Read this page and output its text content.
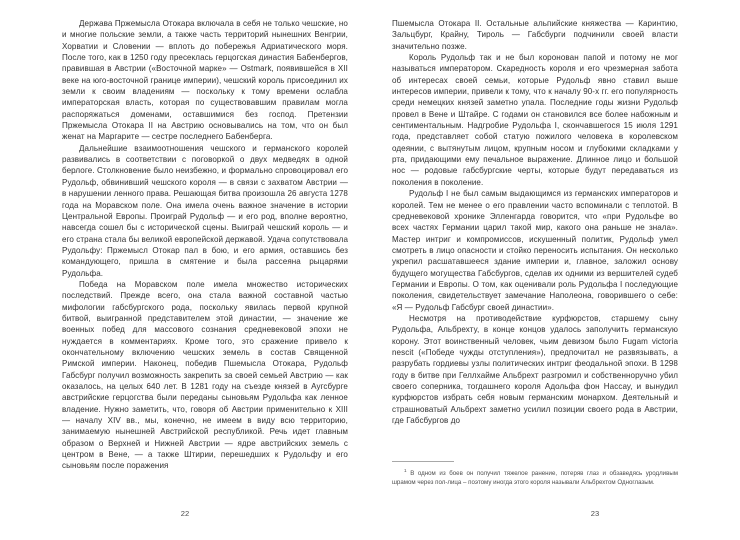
Держава Пржемысла Отокара включала в себя не только чешские, но и многие польские земли, а также часть территорий нынешних Венгрии, Хорватии и Словении — вплоть до побережья Адриатического моря. После того, как в 1250 году пресеклась герцогская династия Бабенбергов, правившая в Австрии («Восточной марке» — Ostmark, появившейся в XII веке на юго-восточной границе империи), чешский король присоединил их земли к своим владениям — поскольку к тому времени ослабла императорская власть, которая по существовавшим правилам могла распоряжаться доменами, оставшимися без господ. Претензии Пржемысла Отокара II на Австрию основывались на том, что он был женат на Маргарите — сестре последнего Бабенберга.

Дальнейшие взаимоотношения чешского и германского королей развивались в соответствии с поговоркой о двух медведях в одной берлоге. Столкновение было неизбежно, и формально спровоцировал его Рудольф, обвинивший чешского короля — в связи с захватом Австрии — в нарушении ленного права. Решающая битва произошла 26 августа 1278 года на Моравском поле. Она имела очень важное значение в истории Центральной Европы. Проиграй Рудольф — и его род, вполне вероятно, навсегда сошел бы с исторической сцены. Выиграй чешский король — и его страна стала бы великой европейской державой. Удача сопутствовала Рудольфу: Пржемысл Отокар пал в бою, и его армия, оставшись без командующего, пришла в смятение и была рассеяна рыцарями Рудольфа.

Победа на Моравском поле имела множество исторических последствий. Прежде всего, она стала важной составной частью мифологии габсбургского рода, поскольку явилась первой крупной битвой, выигранной представителем этой династии, — значение же военных побед для массового сознания средневековой эпохи не нуждается в комментариях. Кроме того, это сражение привело к окончательному включению чешских земель в состав Священной Римской империи. Наконец, победив Пшемысла Отокара, Рудольф Габсбург получил возможность закрепить за своей семьей Австрию — как оказалось, на целых 640 лет. В 1281 году на съезде князей в Аугсбурге австрийские герцогства были переданы сыновьям Рудольфа как ленное владение. Нужно заметить, что, говоря об Австрии применительно к XIII — началу XIV вв., мы, конечно, не имеем в виду всю территорию, занимаемую нынешней Австрийской республикой. Речь идет главным образом о Верхней и Нижней Австрии — ядре австрийских земель с центром в Вене, — а также Штирии, перешедших к Рудольфу и его сыновьям после поражения

22

Пшемысла Отокара II. Остальные альпийские княжества — Каринтию, Зальцбург, Крайну, Тироль — Габсбурги подчинили своей власти значительно позже.

Король Рудольф так и не был коронован папой и потому не мог называться императором. Скаредность короля и его чрезмерная забота об интересах своей семьи, которые Рудольф явно ставил выше интересов империи, привели к тому, что к началу 90-х гг. его популярность среди немецких князей заметно упала. Последние годы жизни Рудольф провел в Вене и Штайре. С годами он становился все более набожным и сентиментальным. Надгробие Рудольфа I, скончавшегося 15 июля 1291 года, представляет собой статую пожилого человека в королевском одеянии, с вытянутым лицом, крупным носом и глубокими складками у рта, придающими ему печальное выражение. Длинное лицо и большой нос — родовые габсбургские черты, которые будут передаваться из поколения в поколение.

Рудольф I не был самым выдающимся из германских императоров и королей. Тем не менее о его правлении часто вспоминали с теплотой. В средневековой хронике Элленгарда говорится, что «при Рудольфе во всех частях Германии царил такой мир, какого она раньше не знала». Мастер интриг и компромиссов, искушенный политик, Рудольф умел смотреть в лицо опасности и стойко переносить испытания. Он несколько укрепил расшатавшееся здание империи и, главное, заложил основу будущего могущества Габсбургов, сделав их одними из вершителей судеб Германии и Европы. О том, как оценивали роль Рудольфа I последующие поколения, свидетельствует замечание Наполеона, говорившего о себе: «Я — Рудольф Габсбург своей династии».

Несмотря на противодействие курфюрстов, старшему сыну Рудольфа, Альбрехту, в конце концов удалось заполучить германскую корону. Этот воинственный человек, чьим девизом было Fugam victoria nescit («Победе чужды отступления»), предпочитал не развязывать, а разрубать гордиевы узлы политических интриг феодальной эпохи. В 1298 году в битве при Геллхайме Альбрехт разгромил и собственноручно убил своего соперника, тогдашнего короля Адольфа фон Нассау, и вынудил курфюрстов избрать себя новым германским монархом. Деятельный и страшноватый Альбрехт заметно усилил позиции своего рода в Австрии, где Габсбургов до

$^1$ В одном из боев он получил тяжелое ранение, потеряв глаз и обзаведясь уродливым шрамом через пол-лица – поэтому иногда этого короля называли Альбрехтом Одноглазым.

23
